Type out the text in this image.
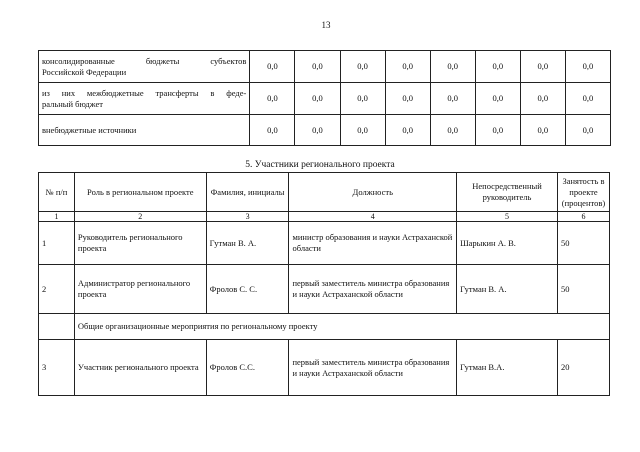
13
консолидированные бюджеты субъектов
Российской Федерации	0,0	0,0	0,0	0,0	0,0	0,0	0,0	0,0

из них межбюджетные трансферты в феде-
ральный бюджет	0,0	0,0	0,0	0,0	0,0	0,0	0,0	0,0
внебюджетные источники	0,0	0,0	0,0	0,0	0,0	0,0	0,0	0,0
5. Участники регионального проекта
№ п/п	Роль в региональном проекте	Фамилия, инициалы	Должность	Непосредственный руководитель	Занятость в проекте (процентов)
1	2	3	4	5	6
1	Руководитель регионального проекта	Гутман В. А.	министр образования и науки Астраханской области	Шарыкин А. В.	50
2	Администратор регионального проекта	Фролов С. С.	первый заместитель министра образования и науки Астраханской области	Гутман В. А.	50
	Общие организационные мероприятия по региональному проекту				
3	Участник регионального проекта	Фролов С.С.	первый заместитель министра образования и науки Астраханской области	Гутман В.А.	20
